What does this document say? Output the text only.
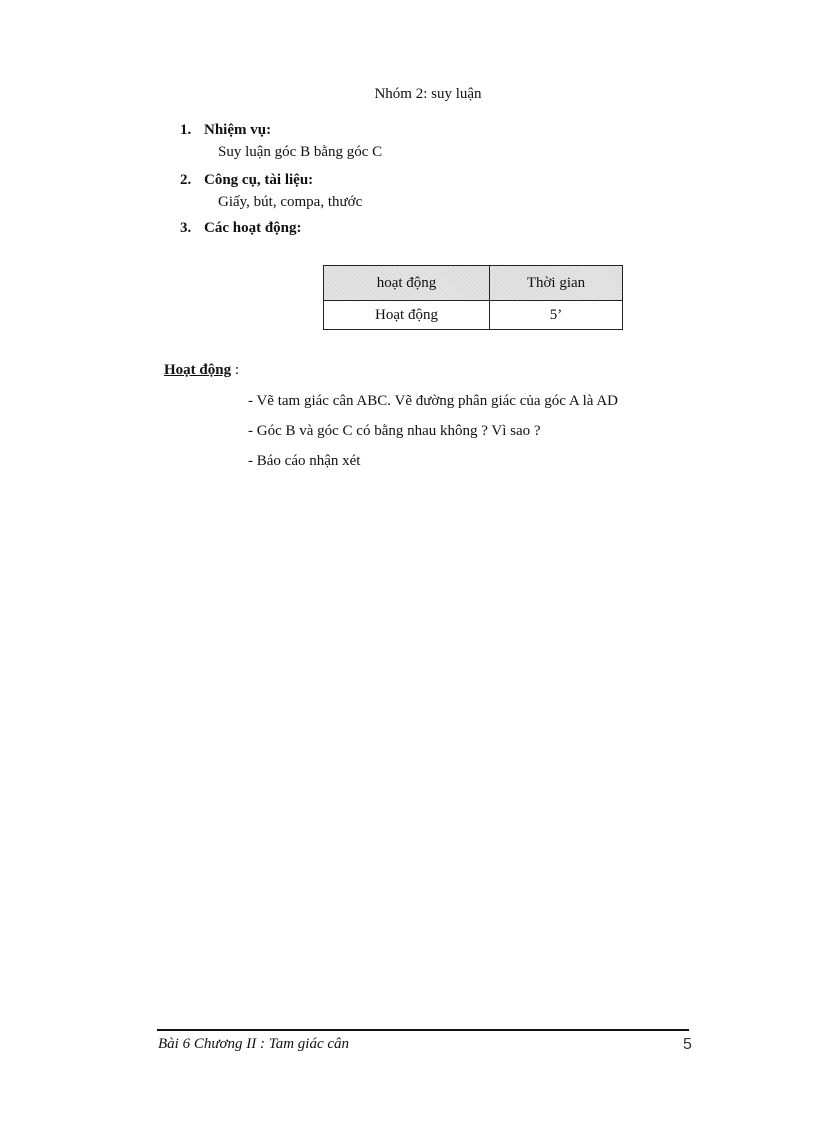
Nhóm 2: suy luận
1. Nhiệm vụ:
Suy luận góc B bằng góc C
2. Công cụ, tài liệu:
Giấy, bút, compa, thước
3. Các hoạt động:
hoạt động	Thời gian
Hoạt động	5’
Hoạt động :
- Vẽ tam giác cân ABC. Vẽ đường phân giác của góc A là AD
- Góc B và góc C có bằng nhau không ? Vì sao ?
- Báo cáo nhận xét
Bài 6 Chương II : Tam giác cân	5
